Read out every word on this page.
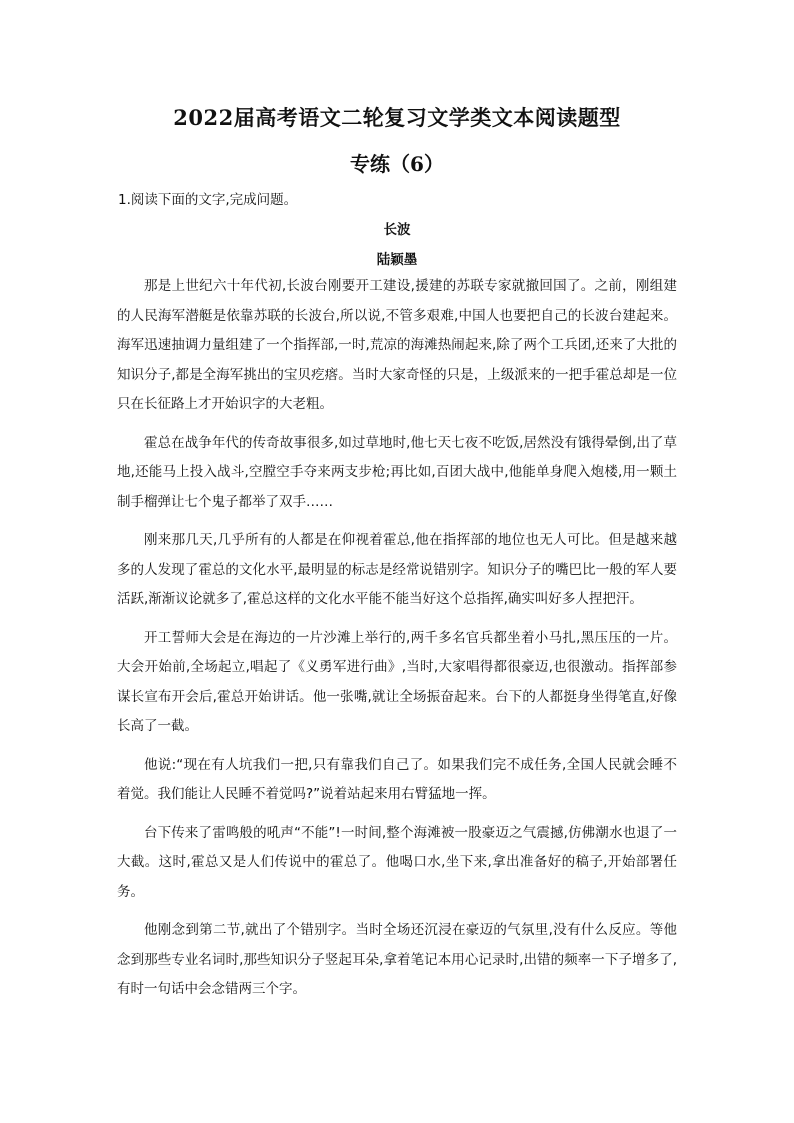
2022届高考语文二轮复习文学类文本阅读题型
专练（6）
1.阅读下面的文字,完成问题。
长波
陆颖墨

那是上世纪六十年代初,长波台刚要开工建设,援建的苏联专家就撤回国了。之前，刚组建的人民海军潜艇是依靠苏联的长波台,所以说,不管多艰难,中国人也要把自己的长波台建起来。海军迅速抽调力量组建了一个指挥部,一时,荒凉的海滩热闹起来,除了两个工兵团,还来了大批的知识分子,都是全海军挑出的宝贝疙瘩。当时大家奇怪的只是，上级派来的一把手霍总却是一位只在长征路上才开始识字的大老粗。

霍总在战争年代的传奇故事很多,如过草地时,他七天七夜不吃饭,居然没有饿得晕倒,出了草地,还能马上投入战斗,空膛空手夺来两支步枪;再比如,百团大战中,他能单身爬入炮楼,用一颗土制手榴弹让七个鬼子都举了双手……

刚来那几天,几乎所有的人都是在仰视着霍总,他在指挥部的地位也无人可比。但是越来越多的人发现了霍总的文化水平,最明显的标志是经常说错别字。知识分子的嘴巴比一般的军人要活跃,渐渐议论就多了,霍总这样的文化水平能不能当好这个总指挥,确实叫好多人捏把汗。

开工誓师大会是在海边的一片沙滩上举行的,两千多名官兵都坐着小马扎,黑压压的一片。大会开始前,全场起立,唱起了《义勇军进行曲》,当时,大家唱得都很豪迈,也很激动。指挥部参谋长宣布开会后,霍总开始讲话。他一张嘴,就让全场振奋起来。台下的人都挺身坐得笔直,好像长高了一截。

他说:“现在有人坑我们一把,只有靠我们自己了。如果我们完不成任务,全国人民就会睡不着觉。我们能让人民睡不着觉吗?”说着站起来用右臂猛地一挥。

台下传来了雷鸣般的吼声“不能”!一时间,整个海滩被一股豪迈之气震撼,仿佛潮水也退了一大截。这时,霍总又是人们传说中的霍总了。他喝口水,坐下来,拿出准备好的稿子,开始部署任务。

他刚念到第二节,就出了个错别字。当时全场还沉浸在豪迈的气氛里,没有什么反应。等他念到那些专业名词时,那些知识分子竖起耳朵,拿着笔记本用心记录时,出错的频率一下子增多了,有时一句话中会念错两三个字。
